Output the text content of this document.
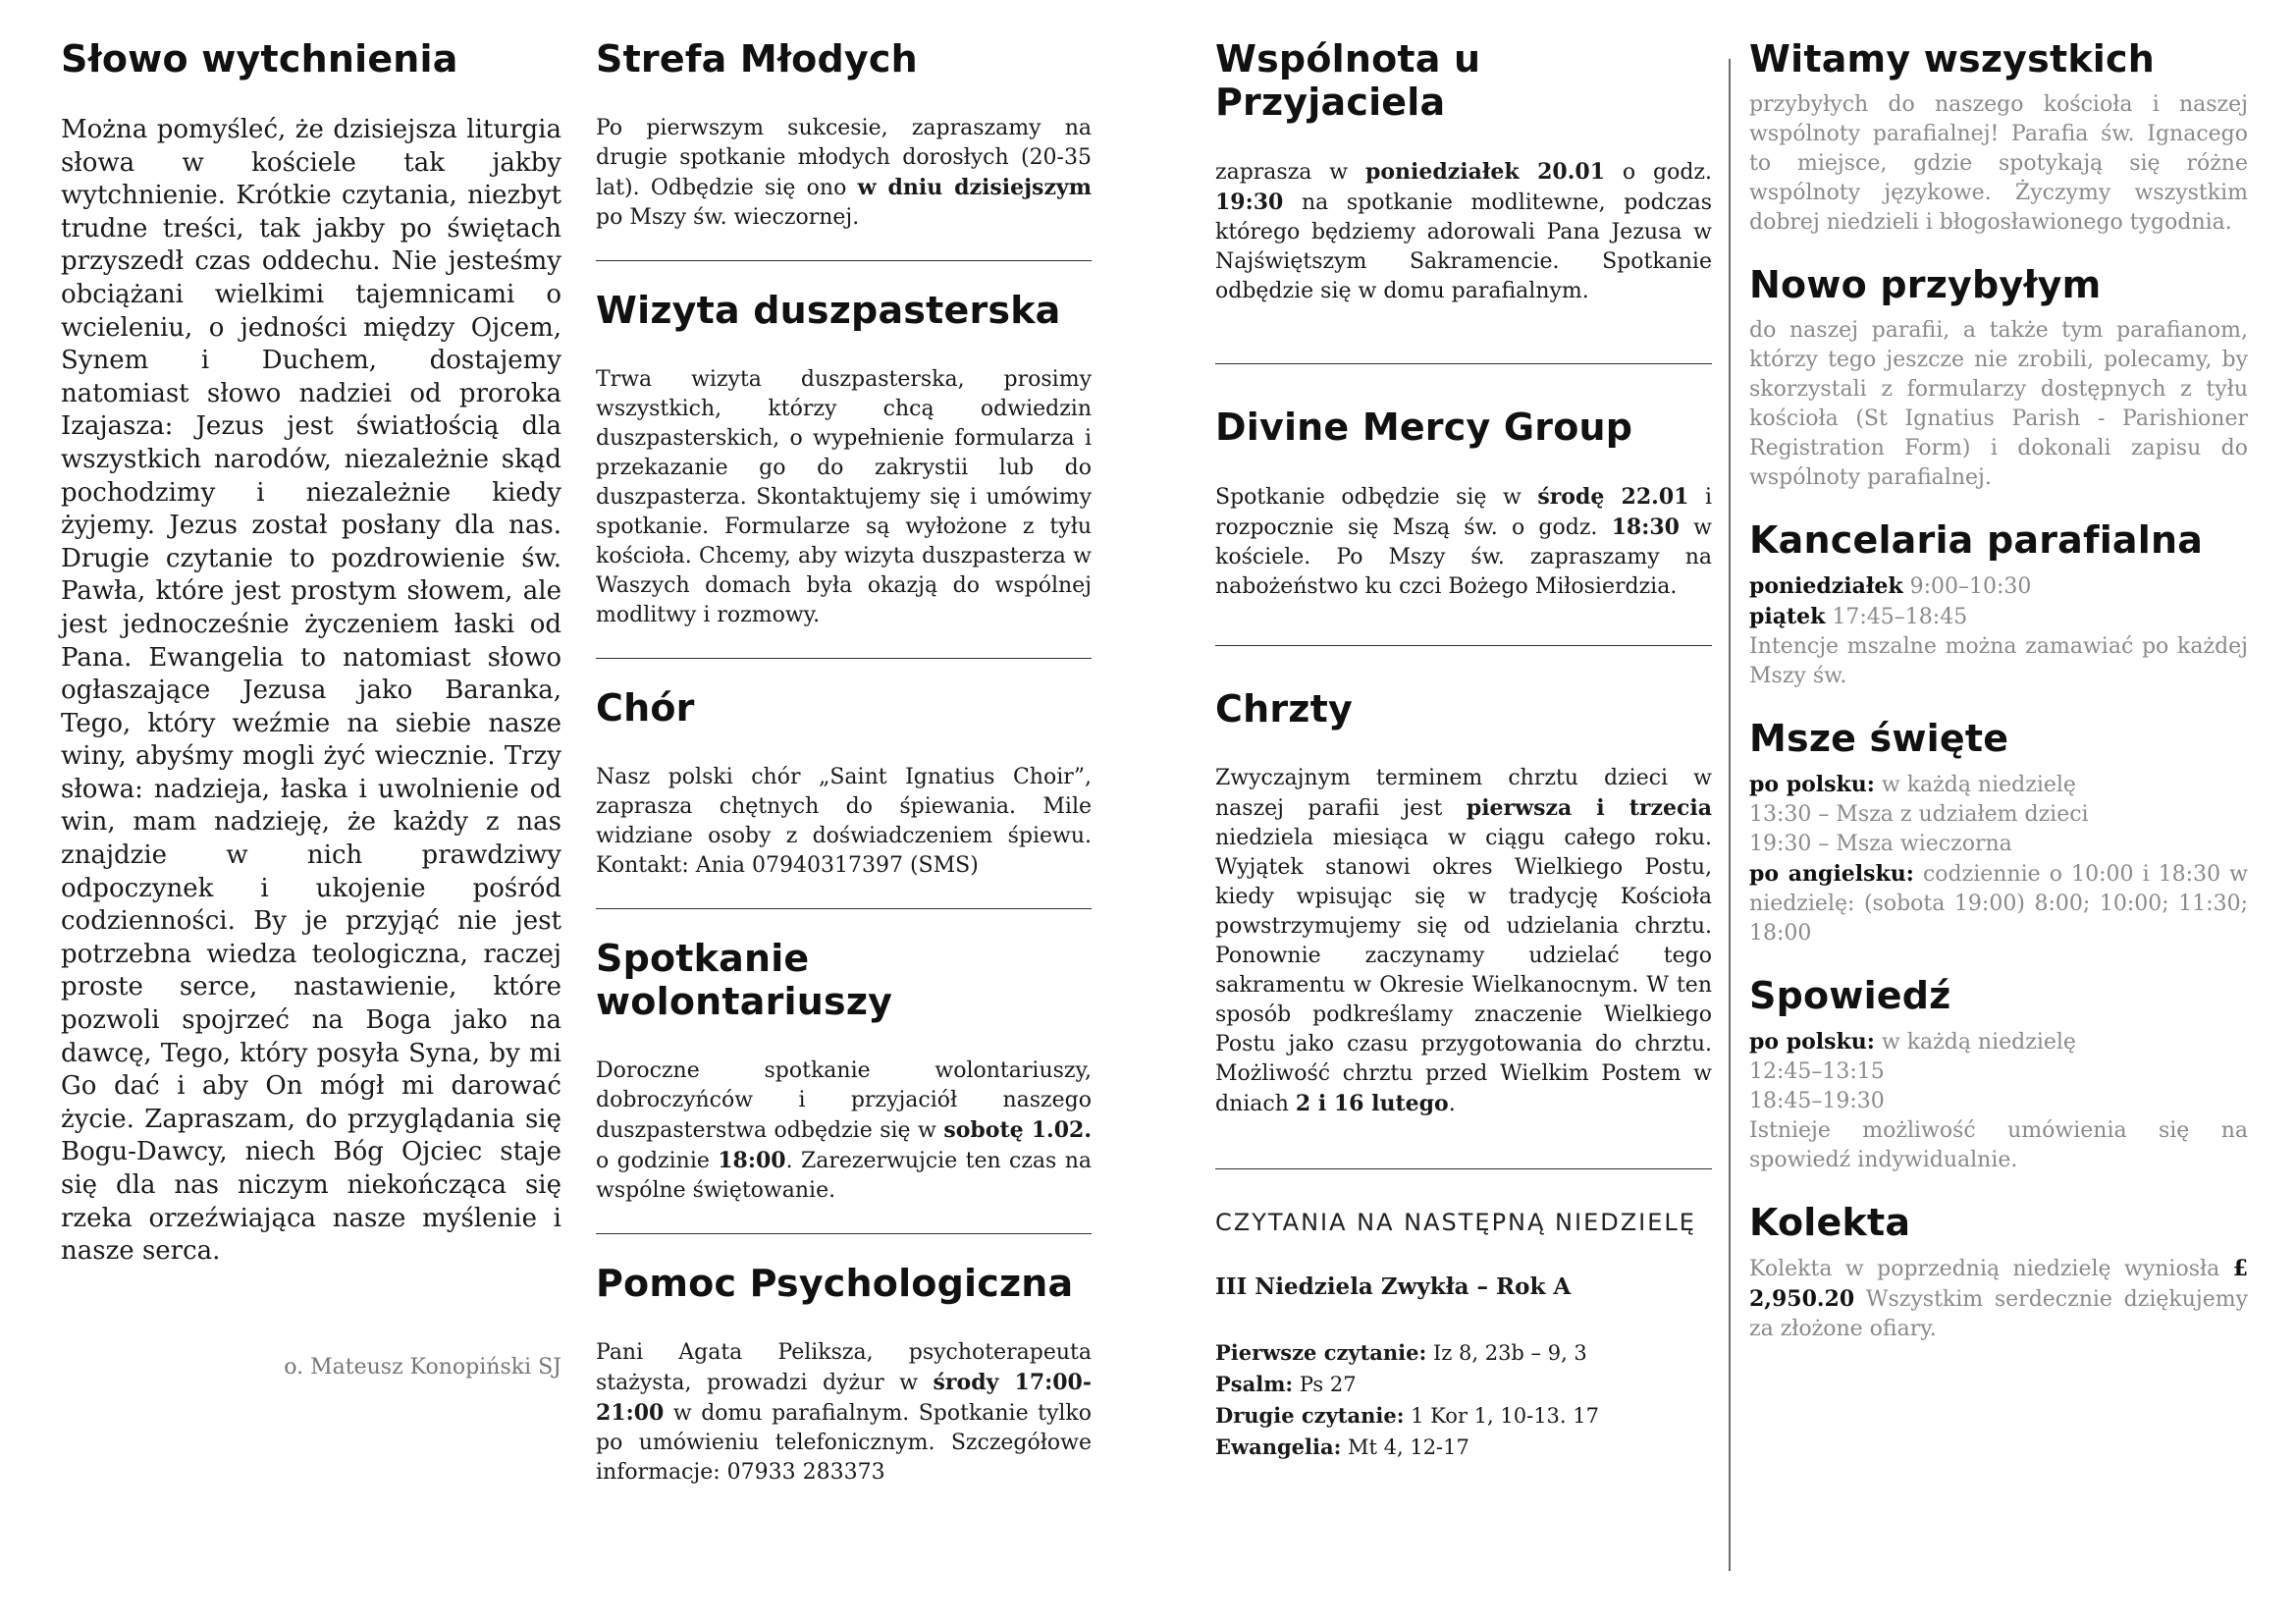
Słowo wytchnienia

Można pomyśleć, że dzisiejsza liturgia słowa w kościele tak jakby wytchnienie. Krótkie czytania, niezbyt trudne treści, tak jakby po świętach przyszedł czas oddechu. Nie jesteśmy obciążani wielkimi tajemnicami o wcieleniu, o jedności między Ojcem, Synem i Duchem, dostajemy natomiast słowo nadziei od proroka Izajasza: Jezus jest światłością dla wszystkich narodów, niezależnie skąd pochodzimy i niezależnie kiedy żyjemy. Jezus został posłany dla nas. Drugie czytanie to pozdrowienie św. Pawła, które jest prostym słowem, ale jest jednocześnie życzeniem łaski od Pana. Ewangelia to natomiast słowo ogłaszające Jezusa jako Baranka, Tego, który weźmie na siebie nasze winy, abyśmy mogli żyć wiecznie. Trzy słowa: nadzieja, łaska i uwolnienie od win, mam nadzieję, że każdy z nas znajdzie w nich prawdziwy odpoczynek i ukojenie pośród codzienności. By je przyjąć nie jest potrzebna wiedza teologiczna, raczej proste serce, nastawienie, które pozwoli spojrzeć na Boga jako na dawcę, Tego, który posyła Syna, by mi Go dać i aby On mógł mi darować życie. Zapraszam, do przyglądania się Bogu-Dawcy, niech Bóg Ojciec staje się dla nas niczym niekończąca się rzeka orzeźwiająca nasze myślenie i nasze serca.

o. Mateusz Konopiński SJ
Strefa Młodych

Po pierwszym sukcesie, zapraszamy na drugie spotkanie młodych dorosłych (20-35 lat). Odbędzie się ono w dniu dzisiejszym po Mszy św. wieczornej.

Wizyta duszpasterska

Trwa wizyta duszpasterska, prosimy wszystkich, którzy chcą odwiedzin duszpasterskich, o wypełnienie formularza i przekazanie go do zakrystii lub do duszpasterza. Skontaktujemy się i umówimy spotkanie. Formularze są wyłożone z tyłu kościoła. Chcemy, aby wizyta duszpasterza w Waszych domach była okazją do wspólnej modlitwy i rozmowy.

Chór

Nasz polski chór „Saint Ignatius Choir”, zaprasza chętnych do śpiewania. Mile widziane osoby z doświadczeniem śpiewu. Kontakt: Ania 07940317397 (SMS)

Spotkanie wolontariuszy

Doroczne spotkanie wolontariuszy, dobroczyńców i przyjaciół naszego duszpasterstwa odbędzie się w sobotę 1.02. o godzinie 18:00. Zarezerwujcie ten czas na wspólne świętowanie.

Pomoc Psychologiczna

Pani Agata Peliksza, psychoterapeuta stażysta, prowadzi dyżur w środy 17:00-21:00 w domu parafialnym. Spotkanie tylko po umówieniu telefonicznym. Szczegółowe informacje: 07933 283373

Wspólnota u Przyjaciela

zaprasza w poniedziałek 20.01 o godz. 19:30 na spotkanie modlitewne, podczas którego będziemy adorowali Pana Jezusa w Najświętszym Sakramencie. Spotkanie odbędzie się w domu parafialnym.

Divine Mercy Group

Spotkanie odbędzie się w środę 22.01 i rozpocznie się Mszą św. o godz. 18:30 w kościele. Po Mszy św. zapraszamy na nabożeństwo ku czci Bożego Miłosierdzia.

Chrzty

Zwyczajnym terminem chrztu dzieci w naszej parafii jest pierwsza i trzecia niedziela miesiąca w ciągu całego roku. Wyjątek stanowi okres Wielkiego Postu, kiedy wpisując się w tradycję Kościoła powstrzymujemy się od udzielania chrztu. Ponownie zaczynamy udzielać tego sakramentu w Okresie Wielkanocnym. W ten sposób podkreślamy znaczenie Wielkiego Postu jako czasu przygotowania do chrztu. Możliwość chrztu przed Wielkim Postem w dniach 2 i 16 lutego.

CZYTANIA NA NASTĘPNĄ NIEDZIELĘ
III Niedziela Zwykła – Rok A
Pierwsze czytanie: Iz 8, 23b – 9, 3
Psalm: Ps 27
Drugie czytanie: 1 Kor 1, 10-13. 17
Ewangelia: Mt 4, 12-17
Witamy wszystkich

przybyłych do naszego kościoła i naszej wspólnoty parafialnej! Parafia św. Ignacego to miejsce, gdzie spotykają się różne wspólnoty językowe. Życzymy wszystkim dobrej niedzieli i błogosławionego tygodnia.

Nowo przybyłym

do naszej parafii, a także tym parafianom, którzy tego jeszcze nie zrobili, polecamy, by skorzystali z formularzy dostępnych z tyłu kościoła (St Ignatius Parish - Parishioner Registration Form) i dokonali zapisu do wspólnoty parafialnej.

Kancelaria parafialna
poniedziałek 9:00–10:30
piątek 17:45–18:45
Intencje mszalne można zamawiać po każdej Mszy św.
Msze święte
po polsku: w każdą niedzielę
13:30 – Msza z udziałem dzieci
19:30 – Msza wieczorna
po angielsku: codziennie o 10:00 i 18:30 w niedzielę: (sobota 19:00) 8:00; 10:00; 11:30; 18:00
Spowiedź
po polsku: w każdą niedzielę
12:45–13:15
18:45–19:30
Istnieje możliwość umówienia się na spowiedź indywidualnie.
Kolekta

Kolekta w poprzednią niedzielę wyniosła £ 2,950.20 Wszystkim serdecznie dziękujemy za złożone ofiary.
